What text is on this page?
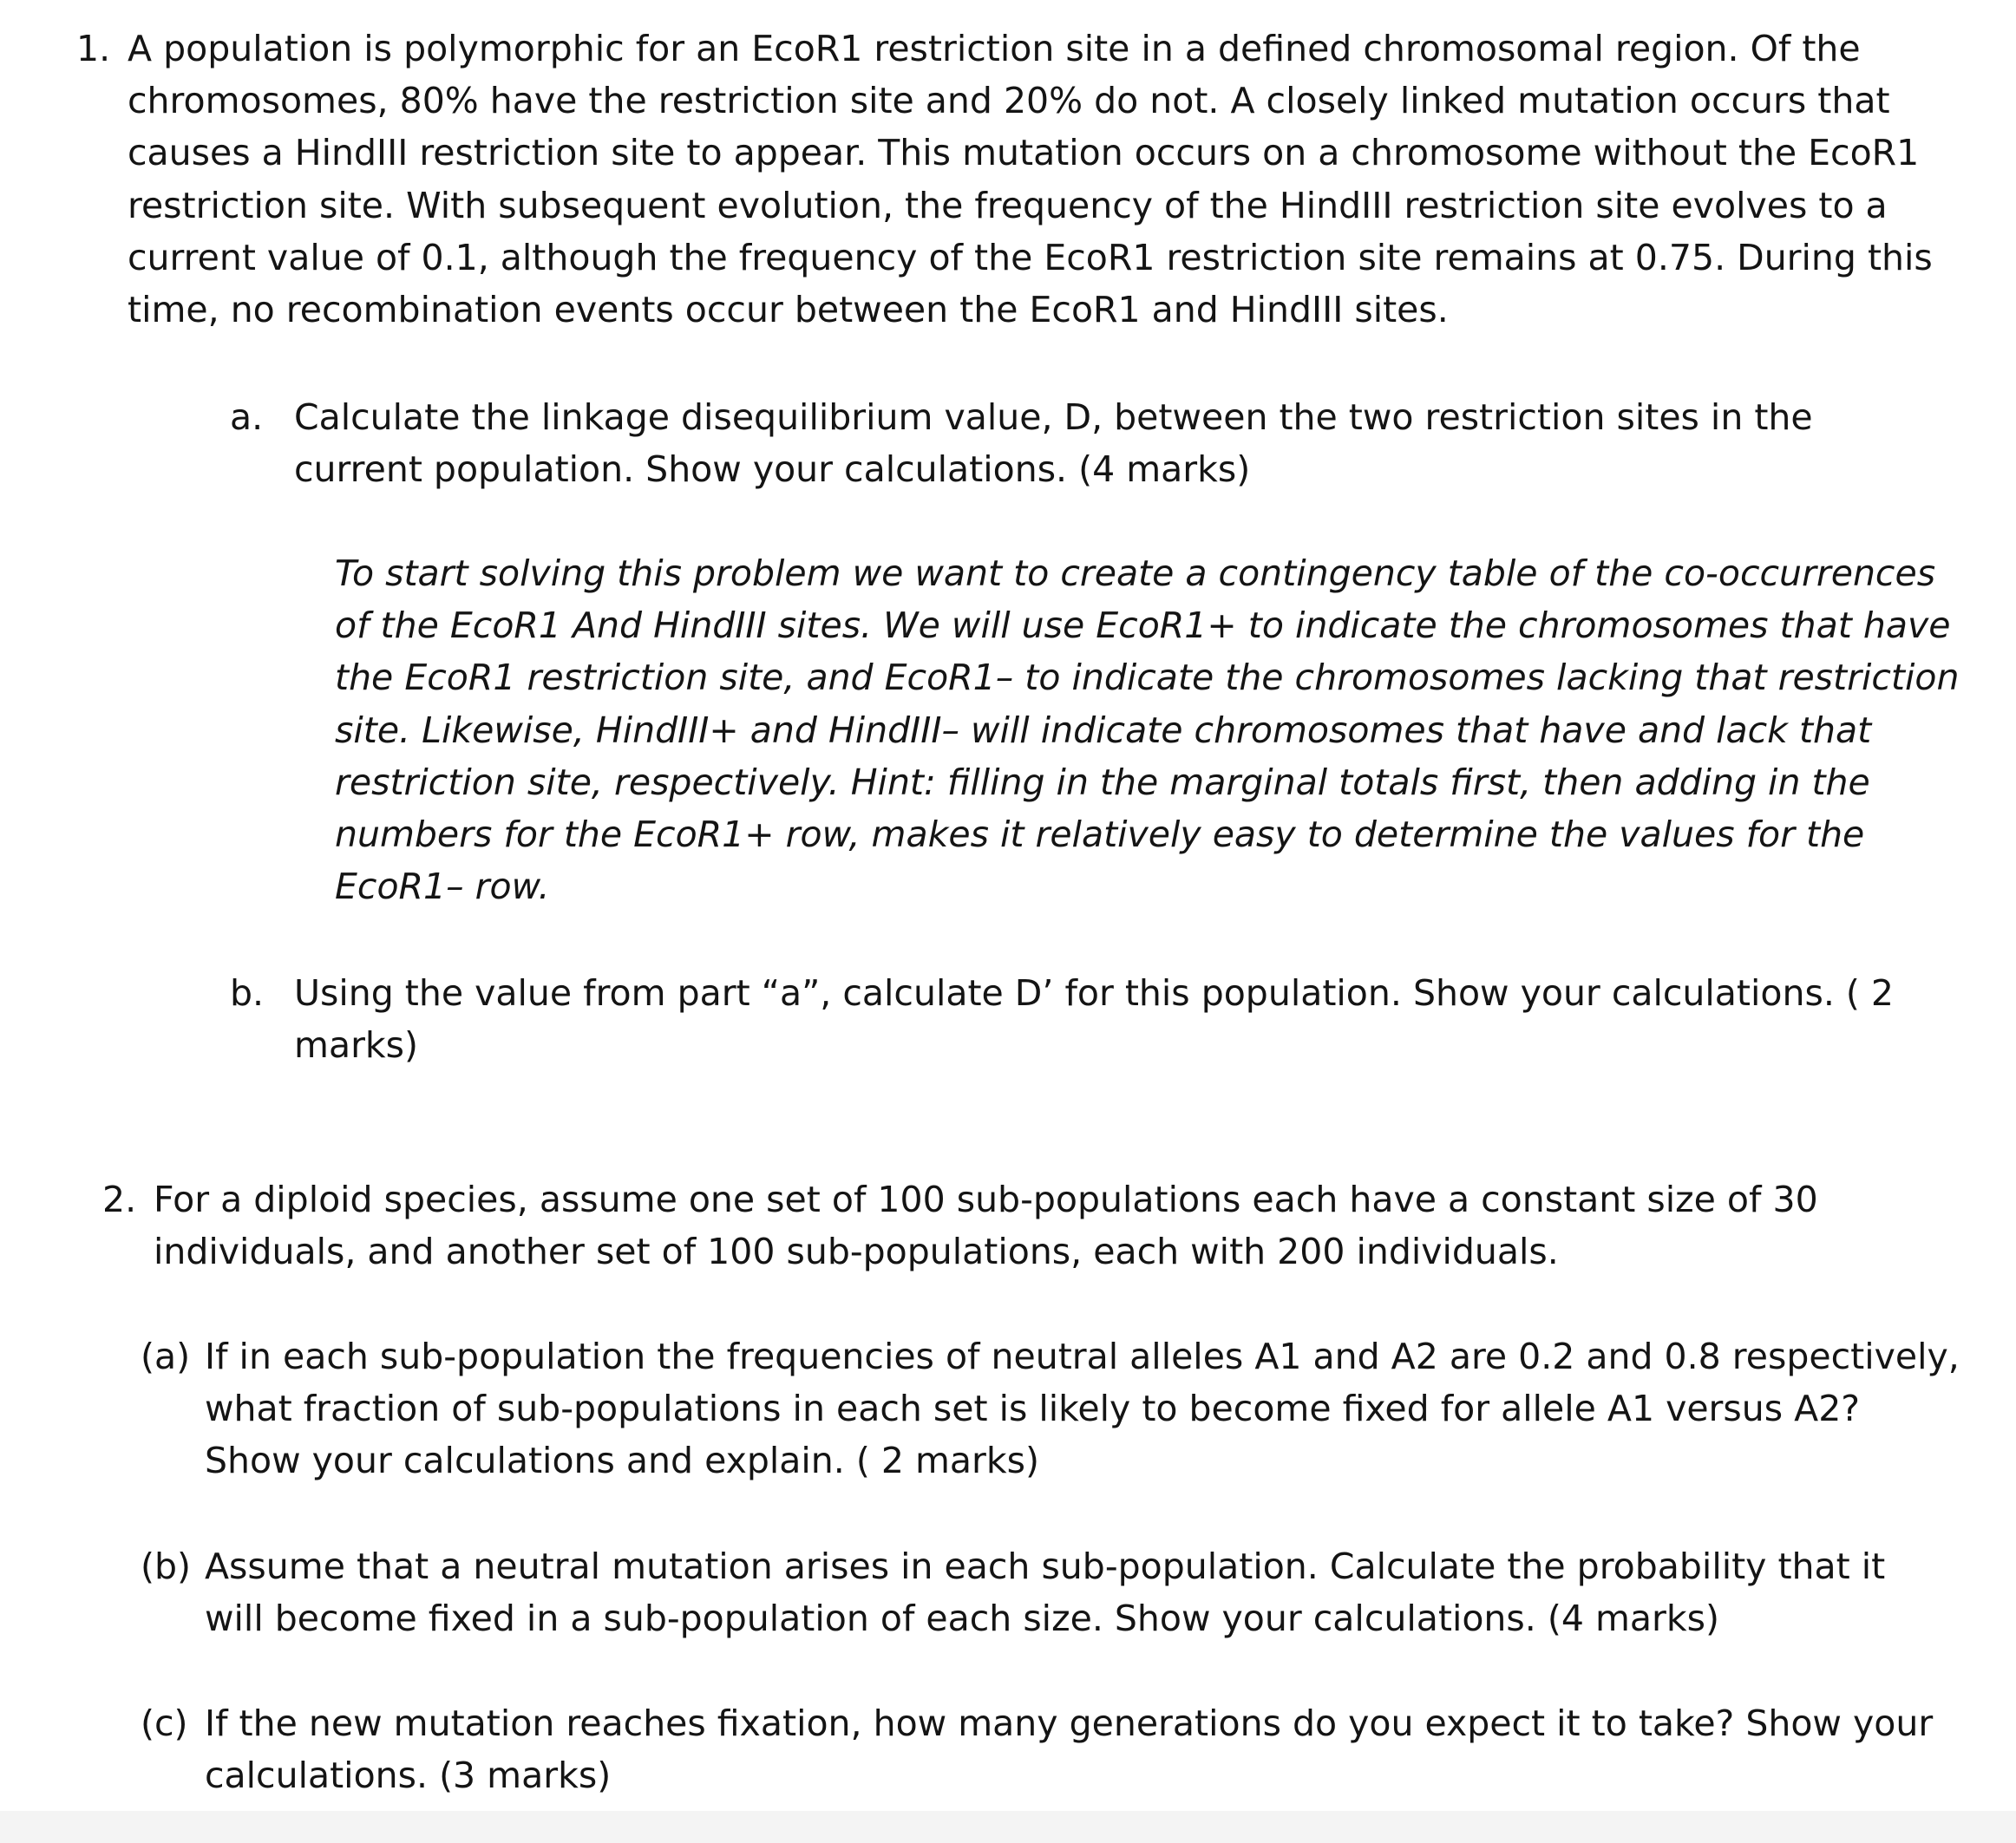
1. A population is polymorphic for an EcoR1 restriction site in a defined chromosomal region. Of the
chromosomes, 80% have the restriction site and 20% do not. A closely linked mutation occurs that
causes a HindIII restriction site to appear. This mutation occurs on a chromosome without the EcoR1
restriction site. With subsequent evolution, the frequency of the HindIII restriction site evolves to a
current value of 0.1, although the frequency of the EcoR1 restriction site remains at 0.75. During this
time, no recombination events occur between the EcoR1 and HindIII sites.
a. Calculate the linkage disequilibrium value, D, between the two restriction sites in the
current population. Show your calculations. (4 marks)
To start solving this problem we want to create a contingency table of the co-occurrences
of the EcoR1 And HindIII sites. We will use EcoR1+ to indicate the chromosomes that have
the EcoR1 restriction site, and EcoR1– to indicate the chromosomes lacking that restriction
site. Likewise, HindIII+ and HindIII– will indicate chromosomes that have and lack that
restriction site, respectively. Hint: filling in the marginal totals first, then adding in the
numbers for the EcoR1+ row, makes it relatively easy to determine the values for the
EcoR1– row.
b. Using the value from part “a”, calculate D’ for this population. Show your calculations. ( 2
marks)
2. For a diploid species, assume one set of 100 sub-populations each have a constant size of 30
individuals, and another set of 100 sub-populations, each with 200 individuals.
(a) If in each sub-population the frequencies of neutral alleles A1 and A2 are 0.2 and 0.8 respectively,
what fraction of sub-populations in each set is likely to become fixed for allele A1 versus A2?
Show your calculations and explain. ( 2 marks)
(b) Assume that a neutral mutation arises in each sub-population. Calculate the probability that it
will become fixed in a sub-population of each size. Show your calculations. (4 marks)
(c) If the new mutation reaches fixation, how many generations do you expect it to take? Show your
calculations. (3 marks)
